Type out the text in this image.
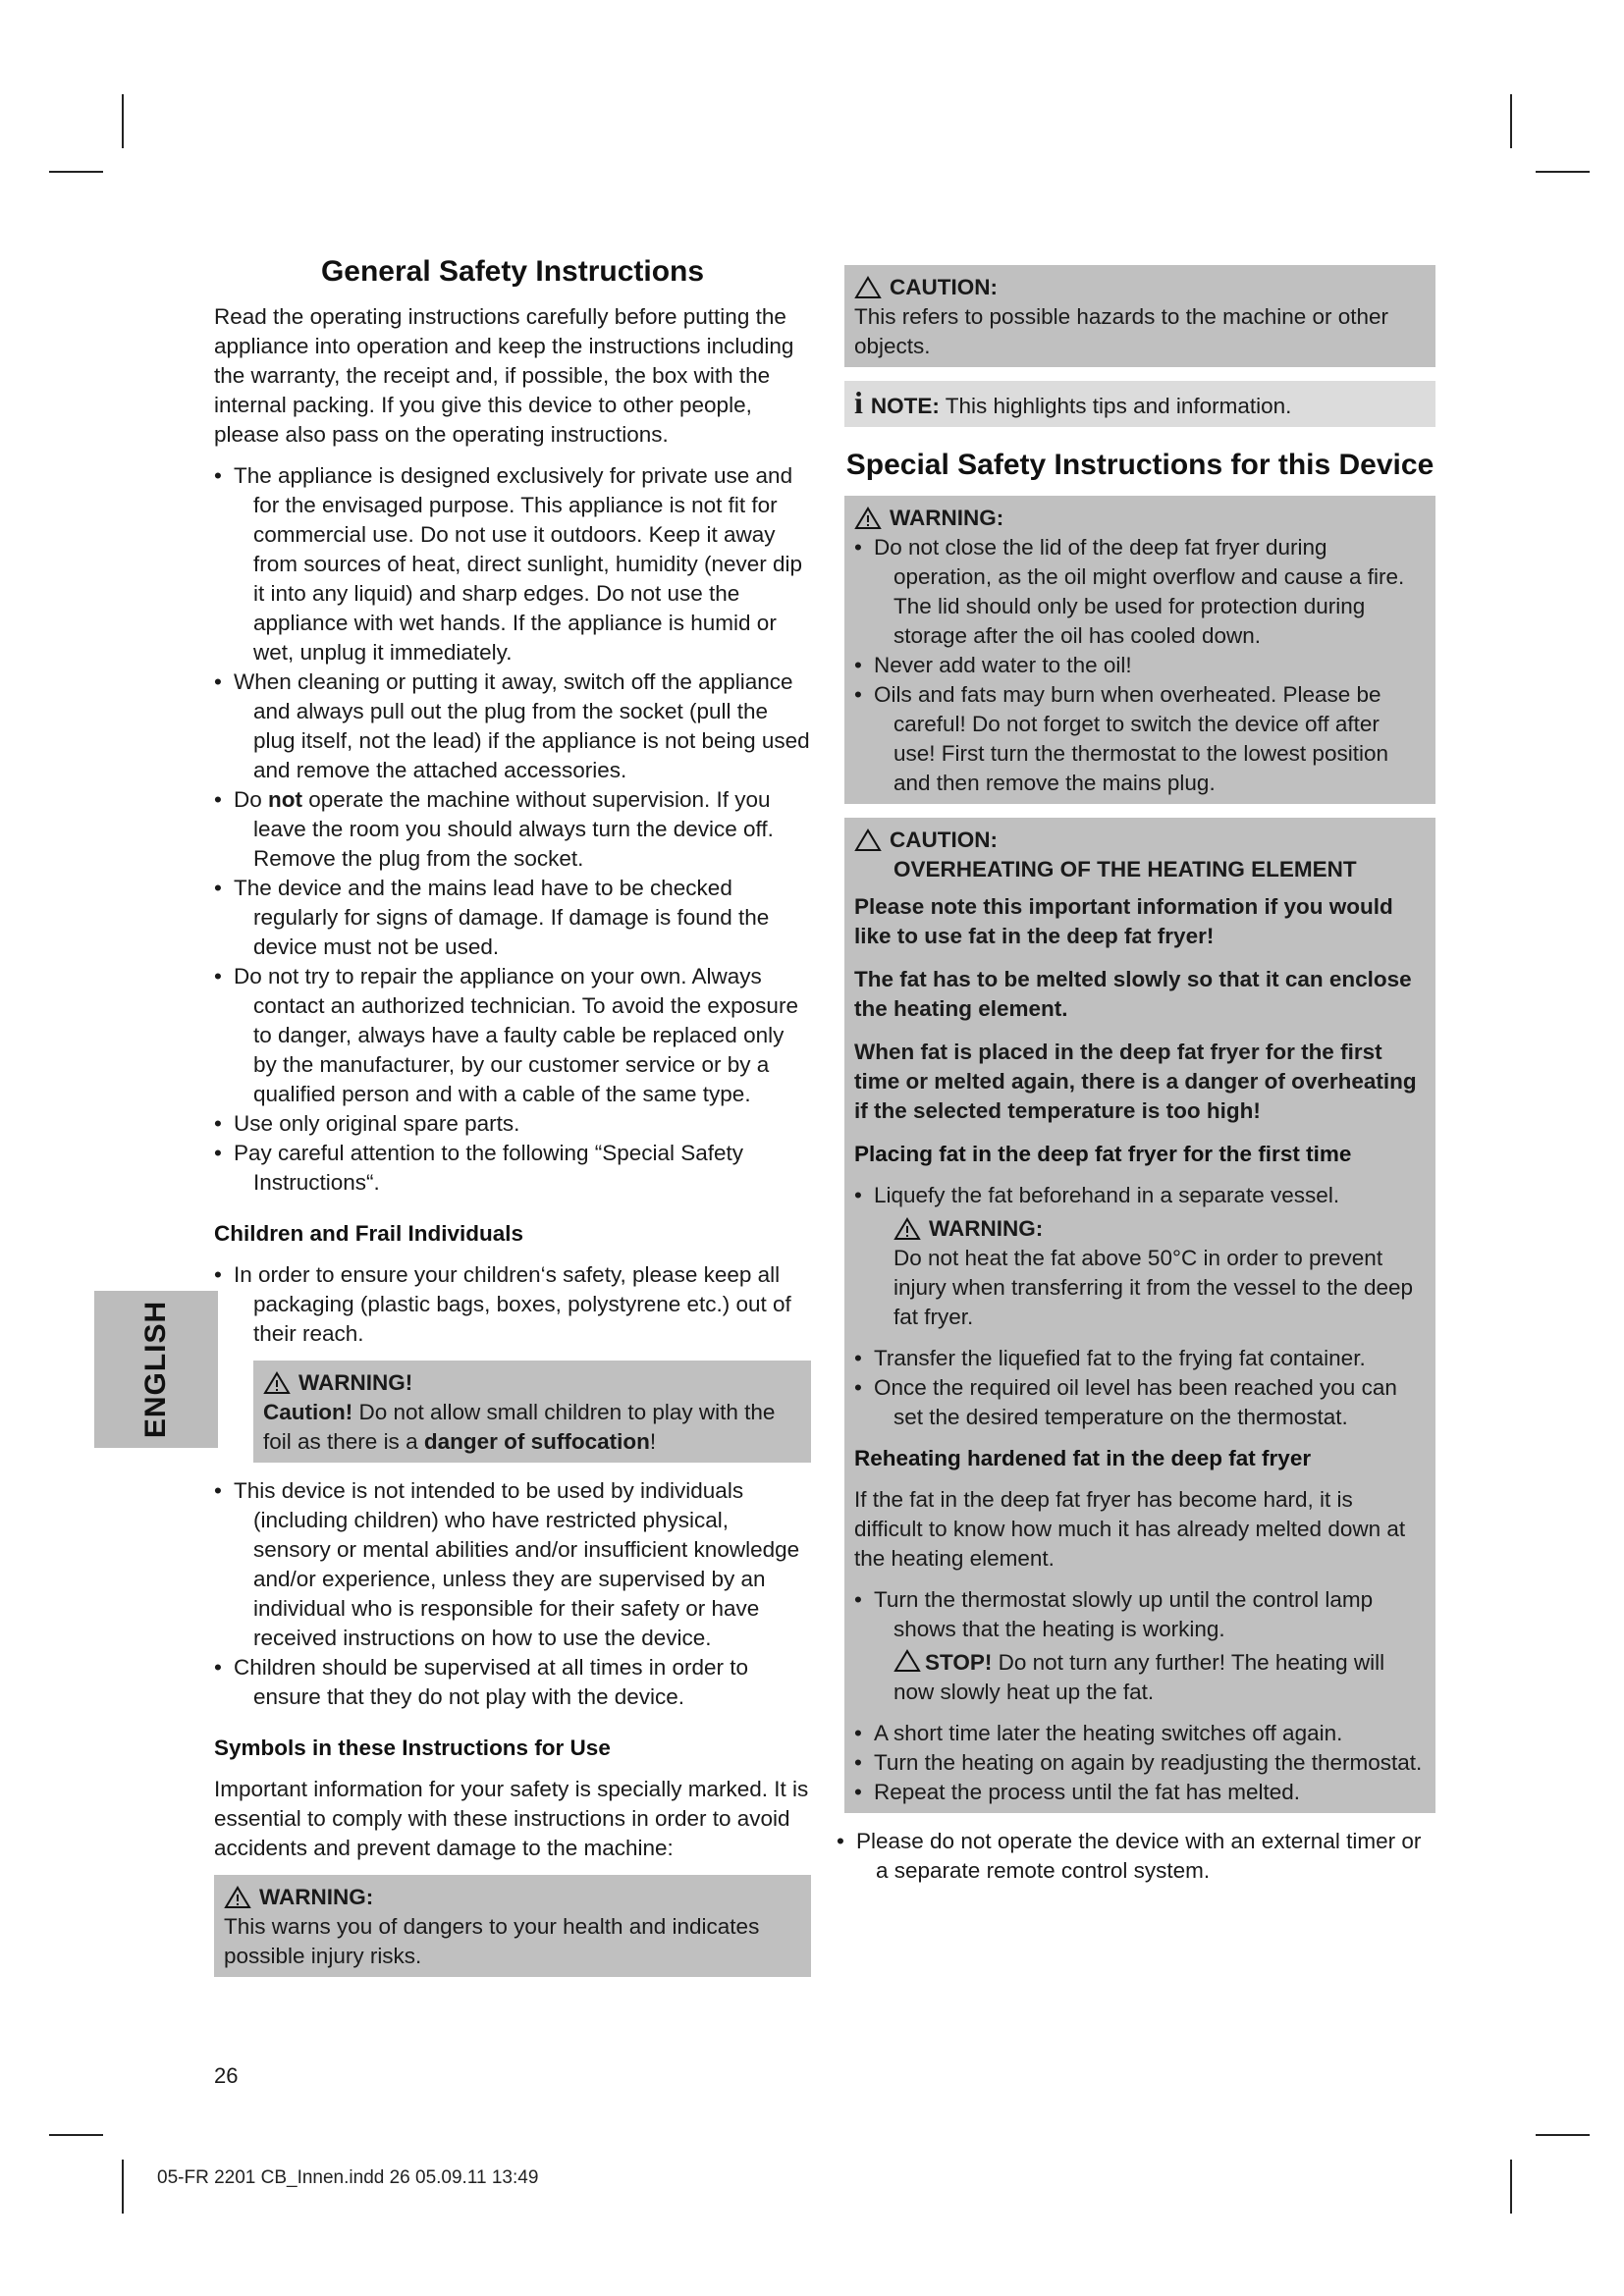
ENGLISH
General Safety Instructions

Read the operating instructions carefully before putting the appliance into operation and keep the instructions including the warranty, the receipt and, if possible, the box with the internal packing. If you give this device to other people, please also pass on the operating instructions.

• The appliance is designed exclusively for private use and for the envisaged purpose. This appliance is not fit for commercial use. Do not use it outdoors. Keep it away from sources of heat, direct sunlight, humidity (never dip it into any liquid) and sharp edges. Do not use the appliance with wet hands. If the appliance is humid or wet, unplug it immediately.
• When cleaning or putting it away, switch off the appliance and always pull out the plug from the socket (pull the plug itself, not the lead) if the appliance is not being used and remove the attached accessories.
• Do not operate the machine without supervision. If you leave the room you should always turn the device off. Remove the plug from the socket.
• The device and the mains lead have to be checked regularly for signs of damage. If damage is found the device must not be used.
• Do not try to repair the appliance on your own. Always contact an authorized technician. To avoid the exposure to danger, always have a faulty cable be replaced only by the manufacturer, by our customer service or by a qualified person and with a cable of the same type.
• Use only original spare parts.
• Pay careful attention to the following “Special Safety Instructions“.
Children and Frail Individuals
• In order to ensure your children‘s safety, please keep all packaging (plastic bags, boxes, polystyrene etc.) out of their reach.
WARNING!
Caution! Do not allow small children to play with the foil as there is a danger of suffocation!
• This device is not intended to be used by individuals (including children) who have restricted physical, sensory or mental abilities and/or insufficient knowledge and/or experience, unless they are supervised by an individual who is responsible for their safety or have received instructions on how to use the device.
• Children should be supervised at all times in order to ensure that they do not play with the device.
Symbols in these Instructions for Use

Important information for your safety is specially marked. It is essential to comply with these instructions in order to avoid accidents and prevent damage to the machine:

WARNING:
This warns you of dangers to your health and indicates possible injury risks.
CAUTION:
This refers to possible hazards to the machine or other objects.
i NOTE: This highlights tips and information.
Special Safety Instructions for this Device
WARNING:
• Do not close the lid of the deep fat fryer during operation, as the oil might overflow and cause a fire. The lid should only be used for protection during storage after the oil has cooled down.
• Never add water to the oil!
• Oils and fats may burn when overheated. Please be careful! Do not forget to switch the device off after use! First turn the thermostat to the lowest position and then remove the mains plug.
CAUTION:
OVERHEATING OF THE HEATING ELEMENT

Please note this important information if you would like to use fat in the deep fat fryer!

The fat has to be melted slowly so that it can enclose the heating element.

When fat is placed in the deep fat fryer for the first time or melted again, there is a danger of overheating if the selected temperature is too high!

Placing fat in the deep fat fryer for the first time
• Liquefy the fat beforehand in a separate vessel.
WARNING:
Do not heat the fat above 50°C in order to prevent injury when transferring it from the vessel to the deep fat fryer.
• Transfer the liquefied fat to the frying fat container.
• Once the required oil level has been reached you can set the desired temperature on the thermostat.
Reheating hardened fat in the deep fat fryer

If the fat in the deep fat fryer has become hard, it is difficult to know how much it has already melted down at the heating element.

• Turn the thermostat slowly up until the control lamp shows that the heating is working.
STOP! Do not turn any further! The heating will now slowly heat up the fat.
• A short time later the heating switches off again.
• Turn the heating on again by readjusting the thermostat.
• Repeat the process until the fat has melted.
• Please do not operate the device with an external timer or a separate remote control system.
26
05-FR 2201 CB_Innen.indd 26 05.09.11 13:49
